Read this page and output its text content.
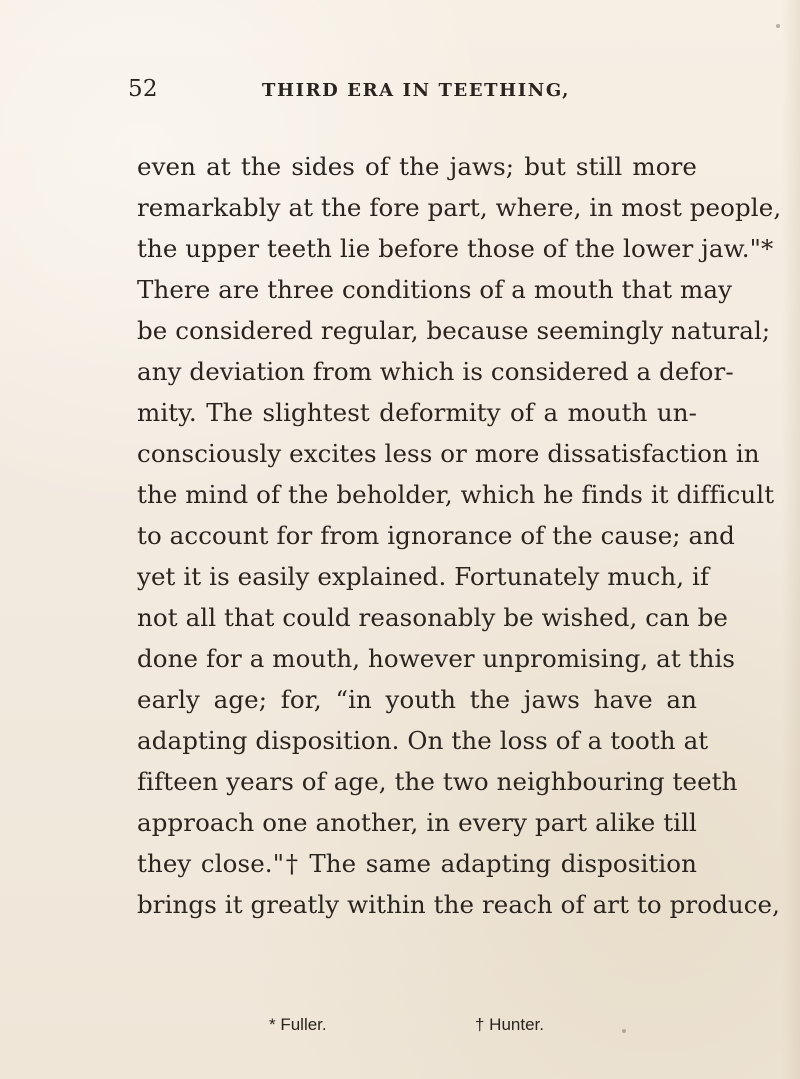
52	THIRD ERA IN TEETHING,
even at the sides of the jaws; but still more
remarkably at the fore part, where, in most people,
the upper teeth lie before those of the lower jaw."*
There are three conditions of a mouth that may
be considered regular, because seemingly natural;
any deviation from which is considered a defor-
mity. The slightest deformity of a mouth un-
consciously excites less or more dissatisfaction in
the mind of the beholder, which he finds it difficult
to account for from ignorance of the cause; and
yet it is easily explained. Fortunately much, if
not all that could reasonably be wished, can be
done for a mouth, however unpromising, at this
early age; for, “in youth the jaws have an
adapting disposition. On the loss of a tooth at
fifteen years of age, the two neighbouring teeth
approach one another, in every part alike till
they close."† The same adapting disposition
brings it greatly within the reach of art to produce,
* Fuller.	† Hunter.
